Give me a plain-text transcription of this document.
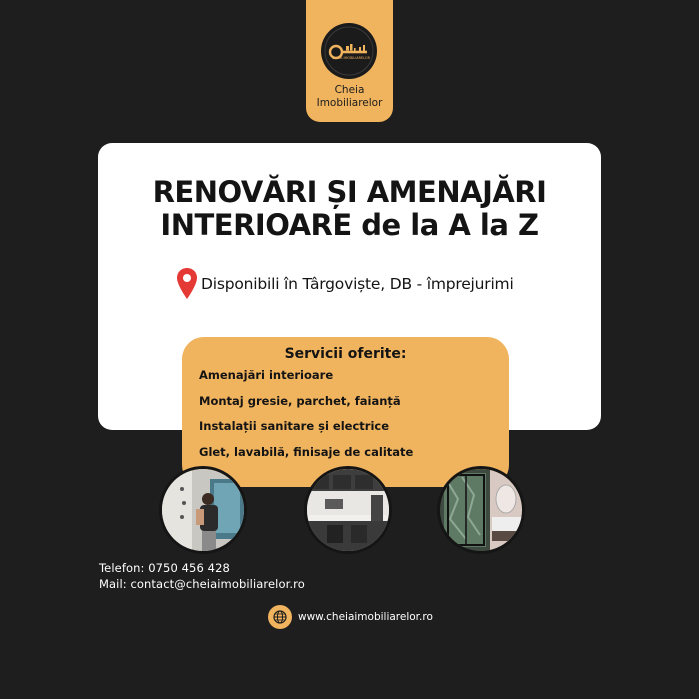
CHEIA IMOBILIARELOR
Cheia
Imobiliarelor
RENOVĂRI ȘI AMENAJĂRI
INTERIOARE de la A la Z
Disponibili în Târgoviște, DB - împrejurimi
Servicii oferite:
Amenajări interioare
Montaj gresie, parchet, faianță
Instalații sanitare și electrice
Glet, lavabilă, finisaje de calitate
Telefon: 0750 456 428
Mail: contact@cheiaimobiliarelor.ro
www.cheiaimobiliarelor.ro
